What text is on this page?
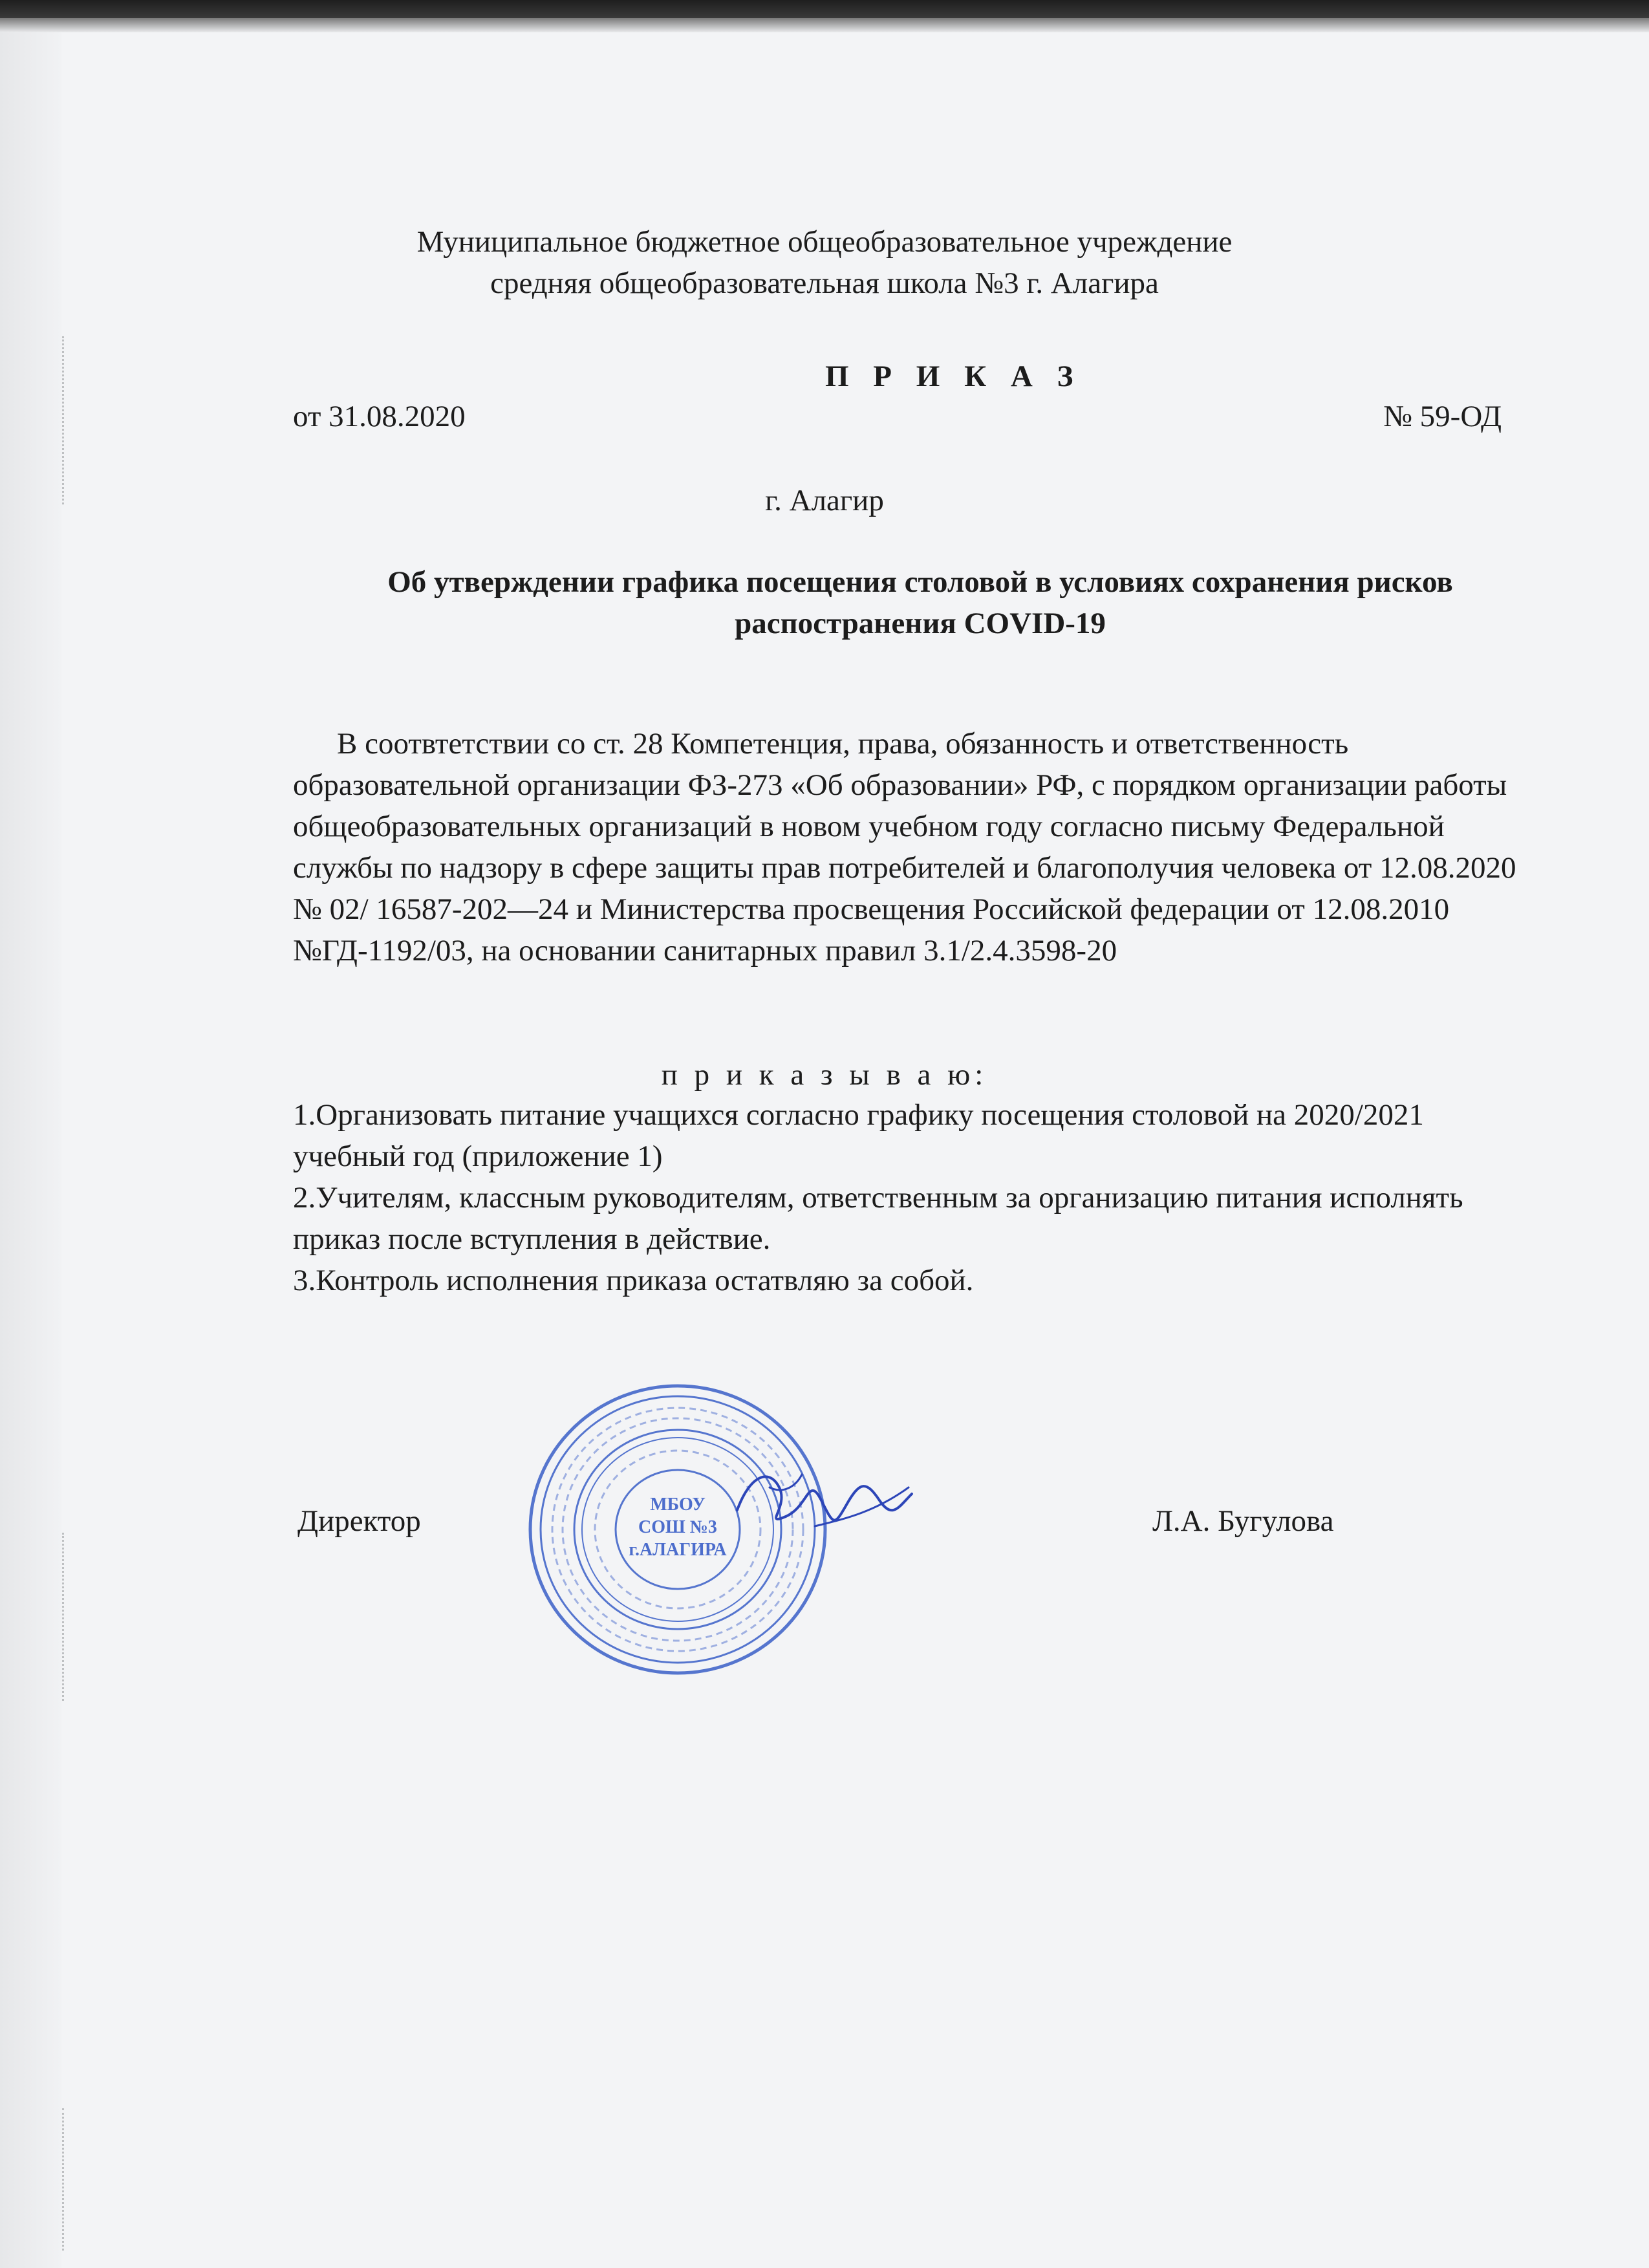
Муниципальное бюджетное общеобразовательное учреждение
средняя общеобразовательная школа №3 г. Алагира
П Р И К А З
от 31.08.2020	№ 59-ОД
г. Алагир
Об утверждении графика посещения столовой в условиях сохранения рисков распостранения COVID-19

В соотвтетствии со ст. 28 Компетенция, права, обязанность и ответственность образовательной организации ФЗ-273 «Об образовании» РФ, с порядком организации работы общеобразовательных организаций в новом учебном году согласно письму Федеральной службы по надзору в сфере защиты прав потребителей и благополучия человека от 12.08.2020 № 02/ 16587-202—24 и Министерства просвещения Российской федерации от 12.08.2010 №ГД-1192/03, на основании санитарных правил 3.1/2.4.3598-20

п р и к а з ы в а ю:
1.Организовать питание учащихся согласно графику посещения столовой на 2020/2021 учебный год (приложение 1)
2.Учителям, классным руководителям, ответственным за организацию питания исполнять приказ после вступления в действие.
3.Контроль исполнения приказа остатвляю за собой.
Директор	Л.А. Бугулова
МБОУ
СОШ №3
г.АЛАГИРА
